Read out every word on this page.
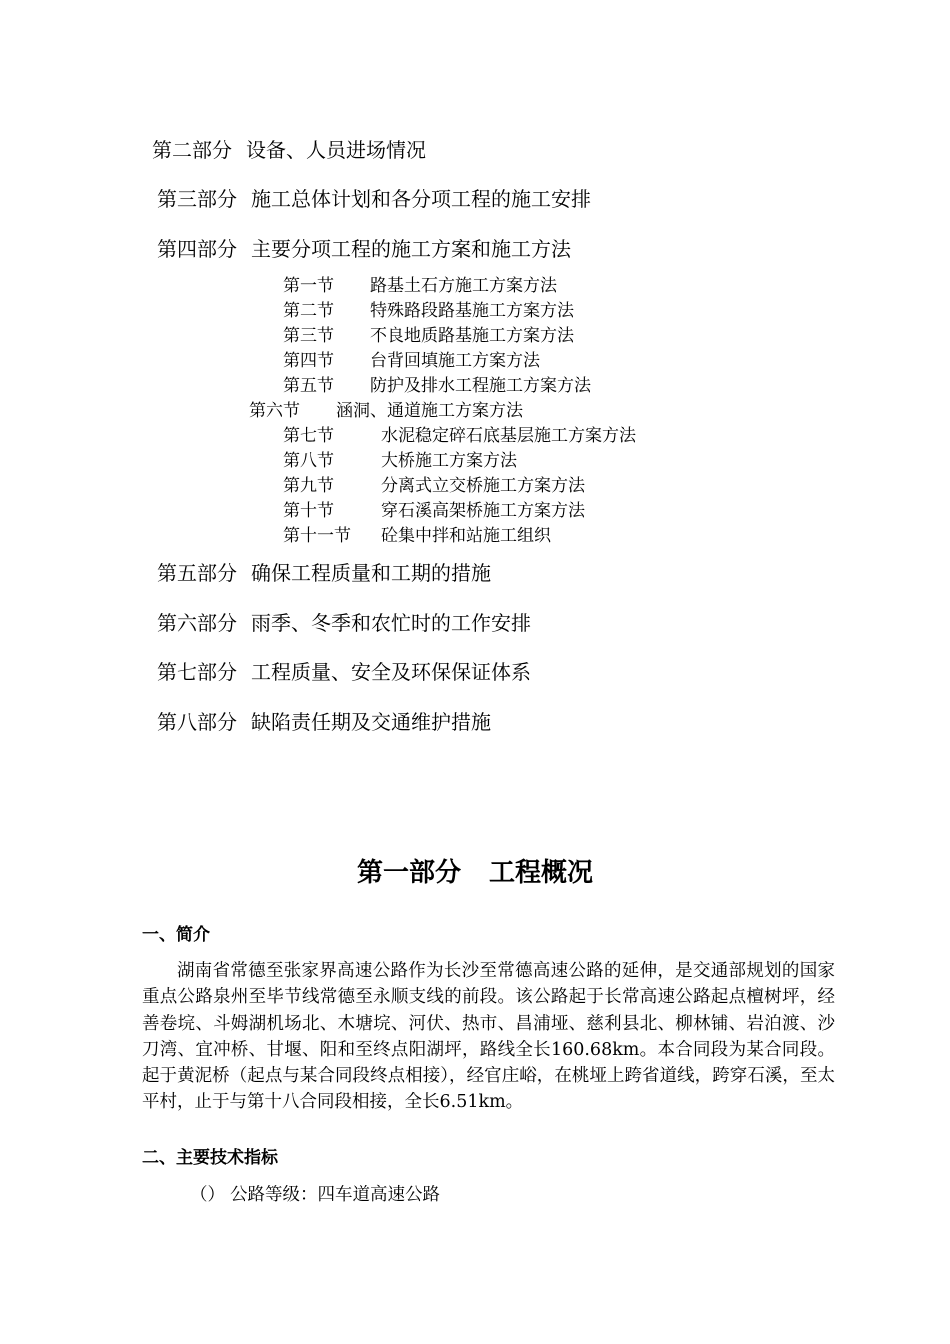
第二部分 设备、人员进场情况
第三部分 施工总体计划和各分项工程的施工安排
第四部分 主要分项工程的施工方案和施工方法
第一节 路基土石方施工方案方法
第二节 特殊路段路基施工方案方法
第三节 不良地质路基施工方案方法
第四节 台背回填施工方案方法
第五节 防护及排水工程施工方案方法
第六节 涵洞、通道施工方案方法
第七节	水泥稳定碎石底基层施工方案方法
第八节	大桥施工方案方法
第九节	分离式立交桥施工方案方法
第十节	穿石溪高架桥施工方案方法
第十一节 砼集中拌和站施工组织
第五部分 确保工程质量和工期的措施
第六部分 雨季、冬季和农忙时的工作安排
第七部分 工程质量、安全及环保保证体系
第八部分 缺陷责任期及交通维护措施
第一部分 工程概况
一、简介

湖南省常德至张家界高速公路作为长沙至常德高速公路的延伸，是交通部规划的国家重点公路泉州至毕节线常德至永顺支线的前段。该公路起于长常高速公路起点檀树坪，经善卷垸、斗姆湖机场北、木塘垸、河伏、热市、昌浦垭、慈利县北、柳林铺、岩泊渡、沙刀湾、宜冲桥、甘堰、阳和至终点阳湖坪，路线全长160.68km。本合同段为某合同段。起于黄泥桥（起点与某合同段终点相接），经官庄峪，在桃垭上跨省道线，跨穿石溪，至太平村，止于与第十八合同段相接，全长6.51km。

二、主要技术指标
（） 公路等级：四车道高速公路
